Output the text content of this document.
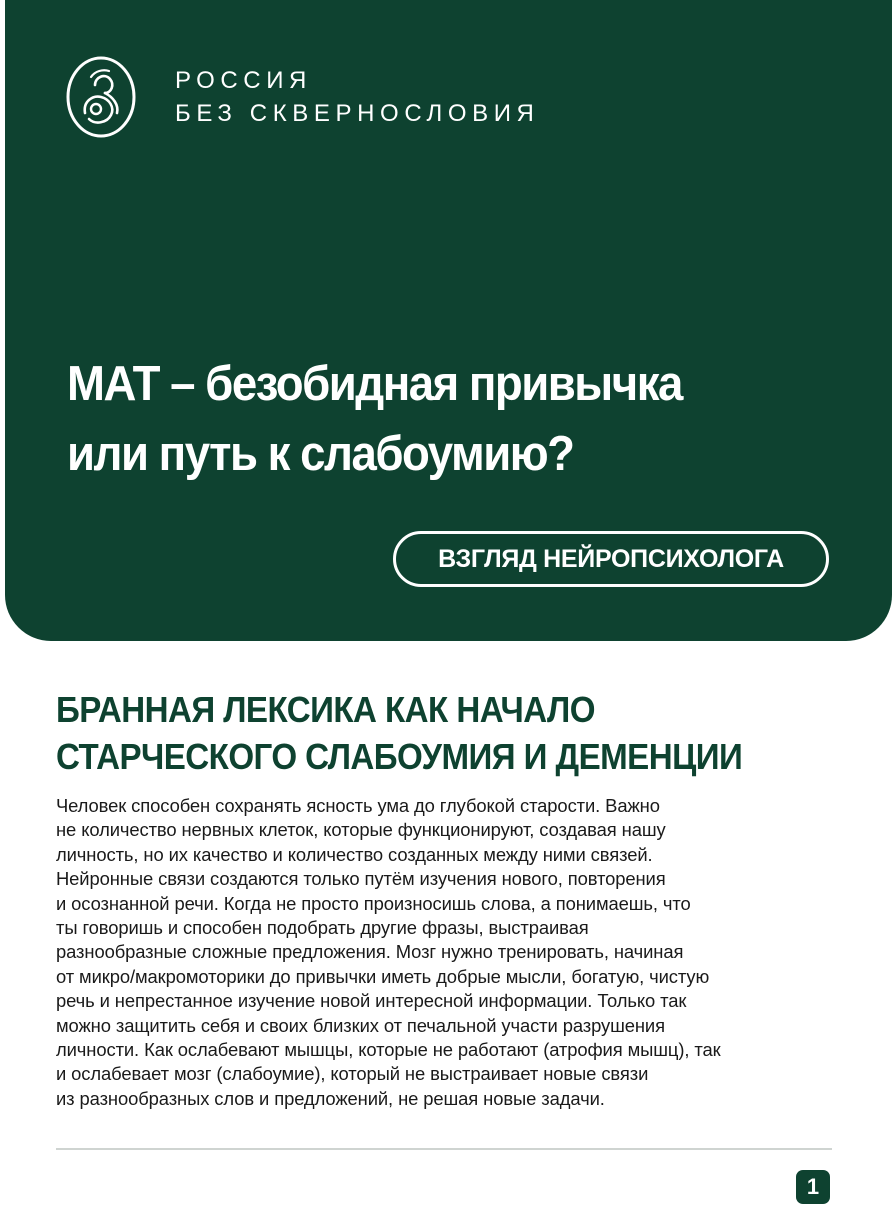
РОССИЯ
БЕЗ СКВЕРНОСЛОВИЯ
МАТ – безобидная привычка
или путь к слабоумию?
ВЗГЛЯД НЕЙРОПСИХОЛОГА
БРАННАЯ ЛЕКСИКА КАК НАЧАЛО
СТАРЧЕСКОГО СЛАБОУМИЯ И ДЕМЕНЦИИ
Человек способен сохранять ясность ума до глубокой старости. Важно
не количество нервных клеток, которые функционируют, создавая нашу
личность, но их качество и количество созданных между ними связей.
Нейронные связи создаются только путём изучения нового, повторения
и осознанной речи. Когда не просто произносишь слова, а понимаешь, что
ты говоришь и способен подобрать другие фразы, выстраивая
разнообразные сложные предложения. Мозг нужно тренировать, начиная
от микро/макромоторики до привычки иметь добрые мысли, богатую, чистую
речь и непрестанное изучение новой интересной информации. Только так
можно защитить себя и своих близких от печальной участи разрушения
личности. Как ослабевают мышцы, которые не работают (атрофия мышц), так
и ослабевает мозг (слабоумие), который не выстраивает новые связи
из разнообразных слов и предложений, не решая новые задачи.
1
